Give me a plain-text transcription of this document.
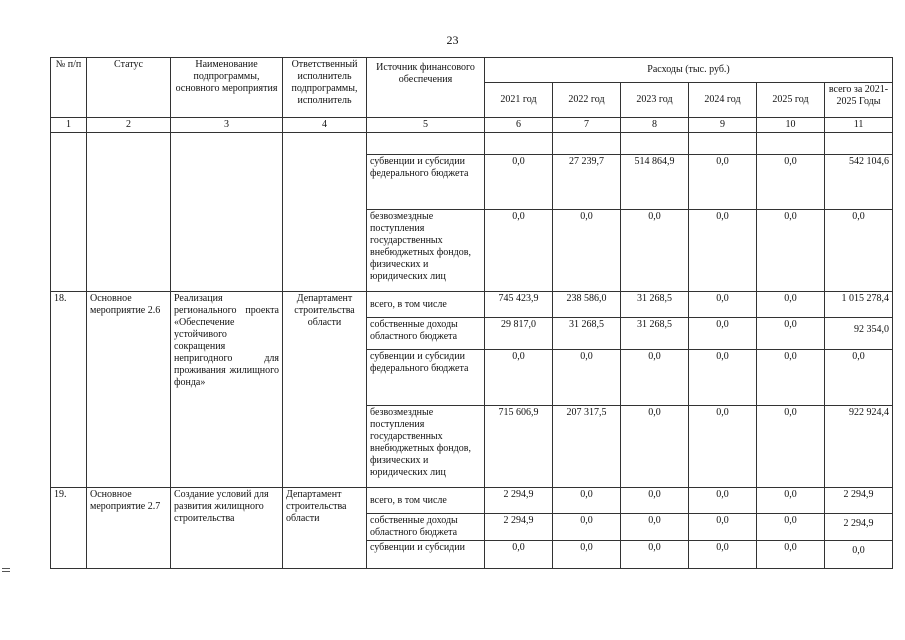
23
№ п/п	Статус	Наименование подпрограммы, основного мероприятия	Ответственный исполнитель подпрограммы, исполнитель	Источник финансового обеспечения	Расходы (тыс. руб.)					
					2021 год	2022 год	2023 год	2024 год	2025 год	всего за 2021-2025 Годы
1	2	3	4	5	6	7	8	9	10	11

				субвенции и субсидии федерального бюджета	0,0	27 239,7	514 864,9	0,0	0,0	542 104,6
				безвозмездные поступления государственных внебюджетных фондов, физических и юридических лиц	0,0	0,0	0,0	0,0	0,0	0,0
18.	Основное мероприятие 2.6	Реализация регионального проекта «Обеспечение устойчивого сокращения непригодного для проживания жилищного фонда»	Департамент строительства области	всего, в том числе	745 423,9	238 586,0	31 268,5	0,0	0,0	1 015 278,4
				собственные доходы областного бюджета	29 817,0	31 268,5	31 268,5	0,0	0,0	92 354,0
				субвенции и субсидии федерального бюджета	0,0	0,0	0,0	0,0	0,0	0,0
				безвозмездные поступления государственных внебюджетных фондов, физических и юридических лиц	715 606,9	207 317,5	0,0	0,0	0,0	922 924,4
19.	Основное мероприятие 2.7	Создание условий для развития жилищного строительства	Департамент строительства области	всего, в том числе	2 294,9	0,0	0,0	0,0	0,0	2 294,9
				собственные доходы областного бюджета	2 294,9	0,0	0,0	0,0	0,0	2 294,9
				субвенции и субсидии	0,0	0,0	0,0	0,0	0,0	0,0
